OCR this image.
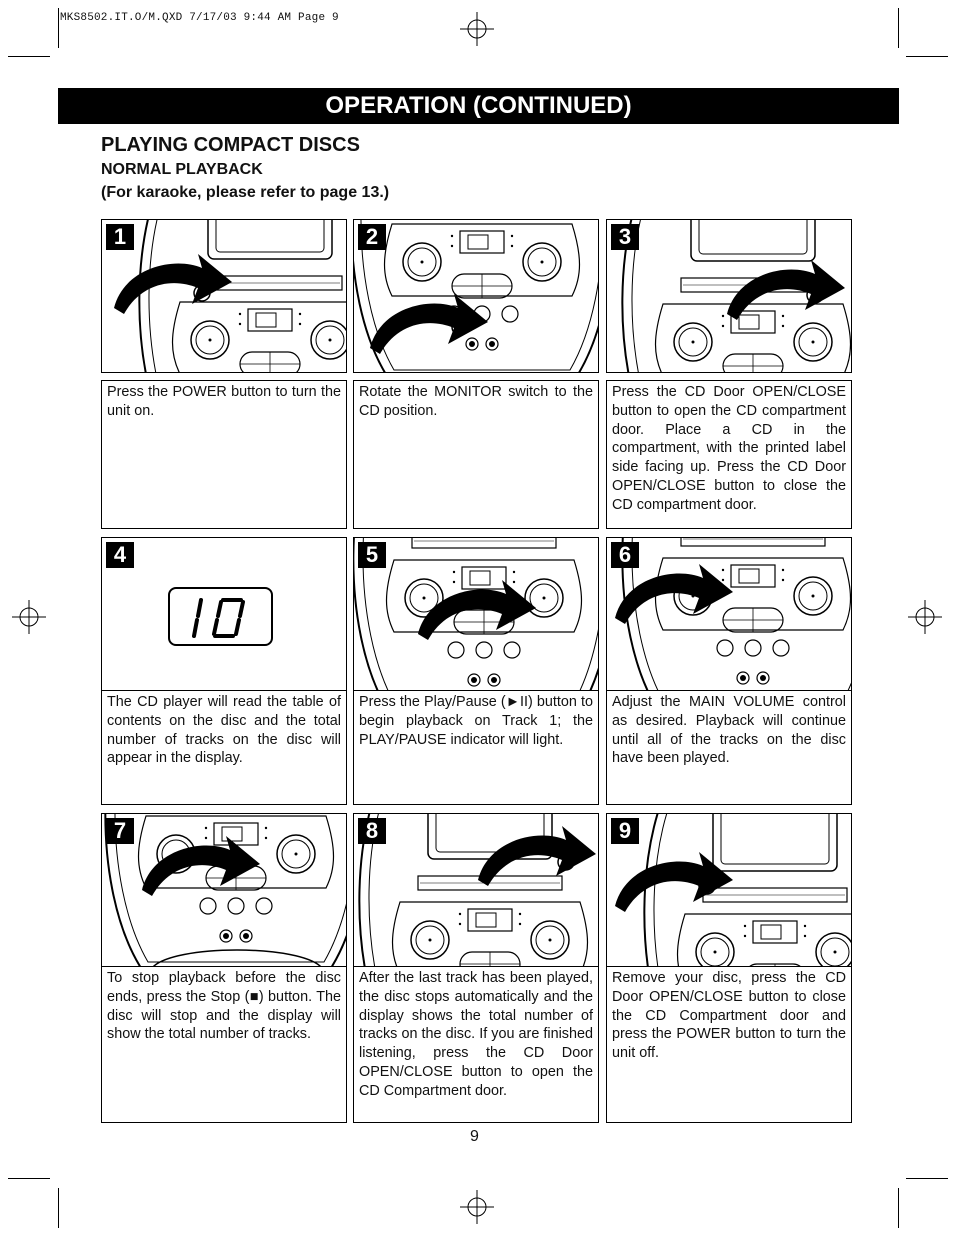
MKS8502.IT.O/M.QXD 7/17/03 9:44 AM Page 9
OPERATION (CONTINUED)
PLAYING COMPACT DISCS
NORMAL PLAYBACK
(For karaoke, please refer to page 13.)
1
Press the POWER button to turn the unit on.
2
Rotate the MONITOR switch to the CD position.
3
Press the CD Door OPEN/CLOSE button to open the CD compartment door. Place a CD in the compartment, with the printed label side facing up. Press the CD Door OPEN/CLOSE button to close the CD compartment door.
4
The CD player will read the table of contents on the disc and the total number of tracks on the disc will appear in the display.
5
Press the Play/Pause (►II) button to begin playback on Track 1; the PLAY/PAUSE indicator will light.
6
Adjust the MAIN VOLUME control as desired. Playback will continue until all of the tracks on the disc have been played.
7
To stop playback before the disc ends, press the Stop (■) button. The disc will stop and the display will show the total number of tracks.
8
After the last track has been played, the disc stops automatically and the display shows the total number of tracks on the disc. If you are finished listening, press the CD Door OPEN/CLOSE button to open the CD Compartment door.
9
Remove your disc, press the CD Door OPEN/CLOSE button to close the CD Compartment door and press the POWER button to turn the unit off.
9
